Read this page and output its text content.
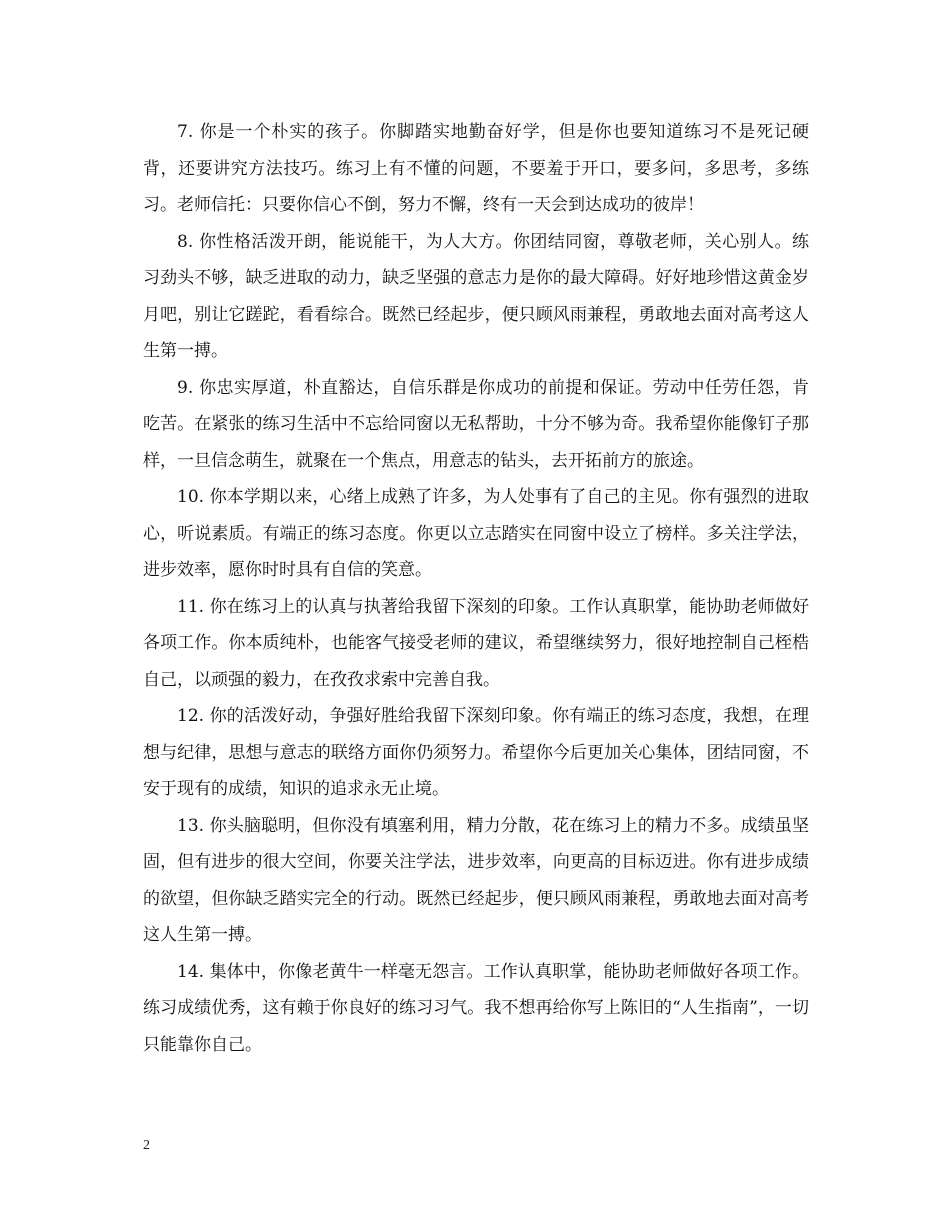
7. 你是一个朴实的孩子。你脚踏实地勤奋好学，但是你也要知道练习不是死记硬背，还要讲究方法技巧。练习上有不懂的问题，不要羞于开口，要多问，多思考，多练习。老师信托：只要你信心不倒，努力不懈，终有一天会到达成功的彼岸！

8. 你性格活泼开朗，能说能干，为人大方。你团结同窗，尊敬老师，关心别人。练习劲头不够，缺乏进取的动力，缺乏坚强的意志力是你的最大障碍。好好地珍惜这黄金岁月吧，别让它蹉跎，看看综合。既然已经起步，便只顾风雨兼程，勇敢地去面对高考这人生第一搏。

9. 你忠实厚道，朴直豁达，自信乐群是你成功的前提和保证。劳动中任劳任怨，肯吃苦。在紧张的练习生活中不忘给同窗以无私帮助，十分不够为奇。我希望你能像钉子那样，一旦信念萌生，就聚在一个焦点，用意志的钻头，去开拓前方的旅途。

10. 你本学期以来，心绪上成熟了许多，为人处事有了自己的主见。你有强烈的进取心，听说素质。有端正的练习态度。你更以立志踏实在同窗中设立了榜样。多关注学法，进步效率，愿你时时具有自信的笑意。

11. 你在练习上的认真与执著给我留下深刻的印象。工作认真职掌，能协助老师做好各项工作。你本质纯朴，也能客气接受老师的建议，希望继续努力，很好地控制自己桎梏自己，以顽强的毅力，在孜孜求索中完善自我。

12. 你的活泼好动，争强好胜给我留下深刻印象。你有端正的练习态度，我想，在理想与纪律，思想与意志的联络方面你仍须努力。希望你今后更加关心集体，团结同窗，不安于现有的成绩，知识的追求永无止境。

13. 你头脑聪明，但你没有填塞利用，精力分散，花在练习上的精力不多。成绩虽坚固，但有进步的很大空间，你要关注学法，进步效率，向更高的目标迈进。你有进步成绩的欲望，但你缺乏踏实完全的行动。既然已经起步，便只顾风雨兼程，勇敢地去面对高考这人生第一搏。

14. 集体中，你像老黄牛一样毫无怨言。工作认真职掌，能协助老师做好各项工作。练习成绩优秀，这有赖于你良好的练习习气。我不想再给你写上陈旧的“人生指南”，一切只能靠你自己。

2
